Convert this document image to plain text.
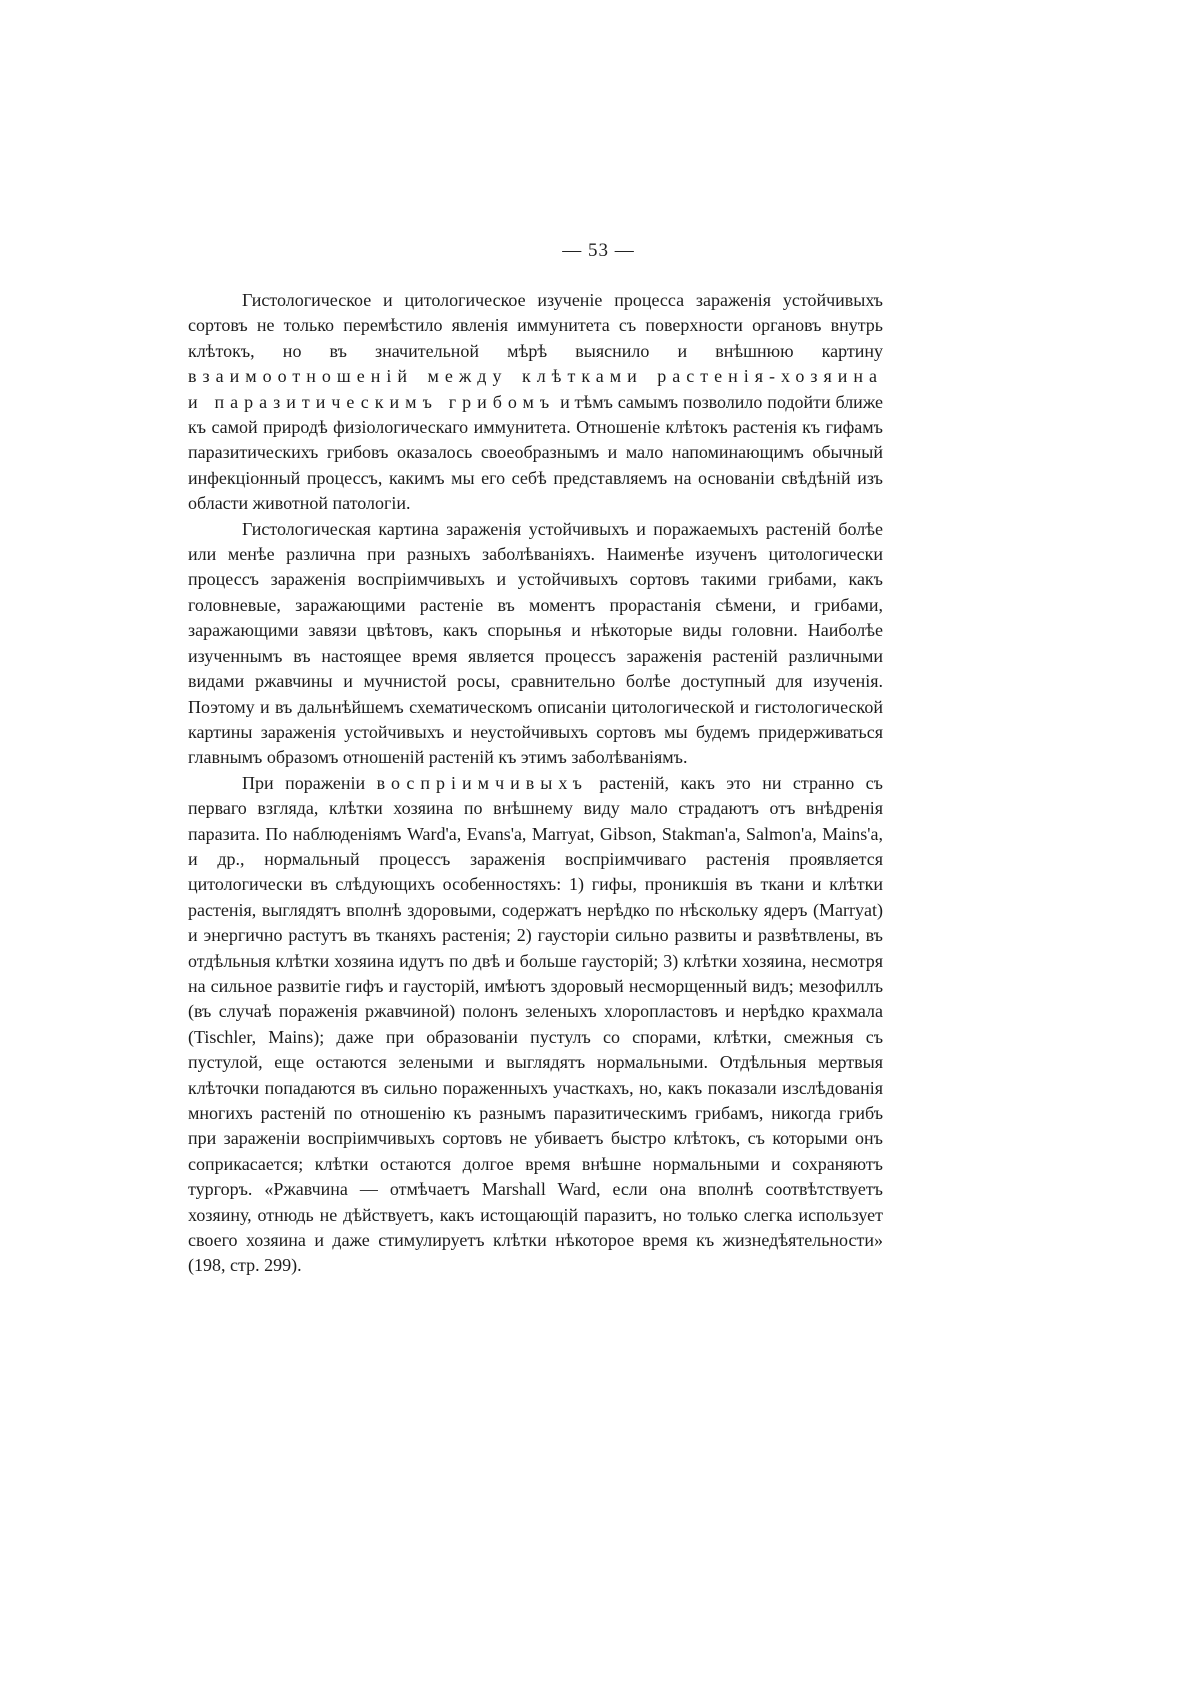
— 53 —

Гистологическое и цитологическое изученіе процесса зараженія устойчивыхъ сортовъ не только перемѣстило явленія иммунитета съ поверхности органовъ внутрь клѣтокъ, но въ значительной мѣрѣ выяснило и внѣшнюю картину взаимоотношеній между клѣтками растенія-хозяина и паразитическимъ грибомъ и тѣмъ самымъ позволило подойти ближе къ самой природѣ физіологическаго иммунитета. Отношеніе клѣтокъ растенія къ гифамъ паразитическихъ грибовъ оказалось своеобразнымъ и мало напоминающимъ обычный инфекціонный процессъ, какимъ мы его себѣ представляемъ на основаніи свѣдѣній изъ области животной патологіи.

Гистологическая картина зараженія устойчивыхъ и поражаемыхъ растеній болѣе или менѣе различна при разныхъ заболѣваніяхъ. Наименѣе изученъ цитологически процессъ зараженія воспріимчивыхъ и устойчивыхъ сортовъ такими грибами, какъ головневые, заражающими растеніе въ моментъ прорастанія сѣмени, и грибами, заражающими завязи цвѣтовъ, какъ спорынья и нѣкоторые виды головни. Наиболѣе изученнымъ въ настоящее время является процессъ зараженія растеній различными видами ржавчины и мучнистой росы, сравнительно болѣе доступный для изученія. Поэтому и въ дальнѣйшемъ схематическомъ описаніи цитологической и гистологической картины зараженія устойчивыхъ и неустойчивыхъ сортовъ мы будемъ придерживаться главнымъ образомъ отношеній растеній къ этимъ заболѣваніямъ.

При пораженіи воспріимчивыхъ растеній, какъ это ни странно съ перваго взгляда, клѣтки хозяина по внѣшнему виду мало страдаютъ отъ внѣдренія паразита. По наблюденіямъ Ward'а, Evans'а, Marryat, Gibson, Stakman'а, Salmon'а, Mains'а, и др., нормальный процессъ зараженія воспріимчиваго растенія проявляется цитологически въ слѣдующихъ особенностяхъ: 1) гифы, проникшія въ ткани и клѣтки растенія, выглядятъ вполнѣ здоровыми, содержатъ нерѣдко по нѣскольку ядеръ (Marryat) и энергично растутъ въ тканяхъ растенія; 2) гаусторіи сильно развиты и развѣтвлены, въ отдѣльныя клѣтки хозяина идутъ по двѣ и больше гаусторій; 3) клѣтки хозяина, несмотря на сильное развитіе гифъ и гаусторій, имѣютъ здоровый несморщенный видъ; мезофиллъ (въ случаѣ пораженія ржавчиной) полонъ зеленыхъ хлоропластовъ и нерѣдко крахмала (Tischler, Mains); даже при образованіи пустулъ со спорами, клѣтки, смежныя съ пустулой, еще остаются зелеными и выглядятъ нормальными. Отдѣльныя мертвыя клѣточки попадаются въ сильно пораженныхъ участкахъ, но, какъ показали изслѣдованія многихъ растеній по отношенію къ разнымъ паразитическимъ грибамъ, никогда грибъ при зараженіи воспріимчивыхъ сортовъ не убиваетъ быстро клѣтокъ, съ которыми онъ соприкасается; клѣтки остаются долгое время внѣшне нормальными и сохраняютъ тургоръ. «Ржавчина — отмѣчаетъ Marshall Ward, если она вполнѣ соотвѣтствуетъ хозяину, отнюдь не дѣйствуетъ, какъ истощающій паразитъ, но только слегка использует своего хозяина и даже стимулируетъ клѣтки нѣкоторое время къ жизнедѣятельности» (198, стр. 299).
